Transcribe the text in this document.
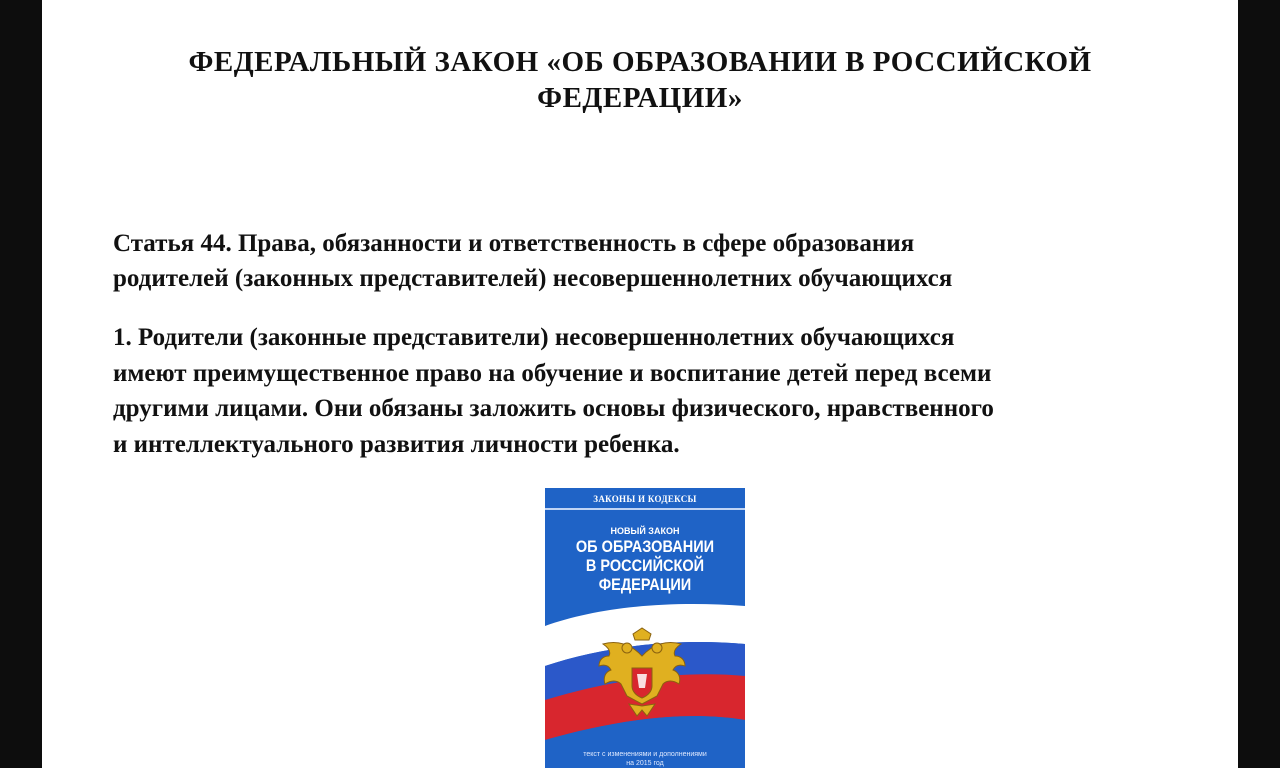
ФЕДЕРАЛЬНЫЙ ЗАКОН «ОБ ОБРАЗОВАНИИ В РОССИЙСКОЙ
ФЕДЕРАЦИИ»
Статья 44. Права, обязанности и ответственность в сфере образования
родителей (законных представителей) несовершеннолетних обучающихся

1. Родители (законные представители) несовершеннолетних обучающихся
имеют преимущественное право на обучение и воспитание детей перед всеми
другими лицами. Они обязаны заложить основы физического, нравственного
и интеллектуального развития личности ребенка.

ЗАКОНЫ И КОДЕКСЫ
НОВЫЙ ЗАКОН
ОБ ОБРАЗОВАНИИ
В РОССИЙСКОЙ
ФЕДЕРАЦИИ
текст с изменениями и дополнениями
на 2015 год
